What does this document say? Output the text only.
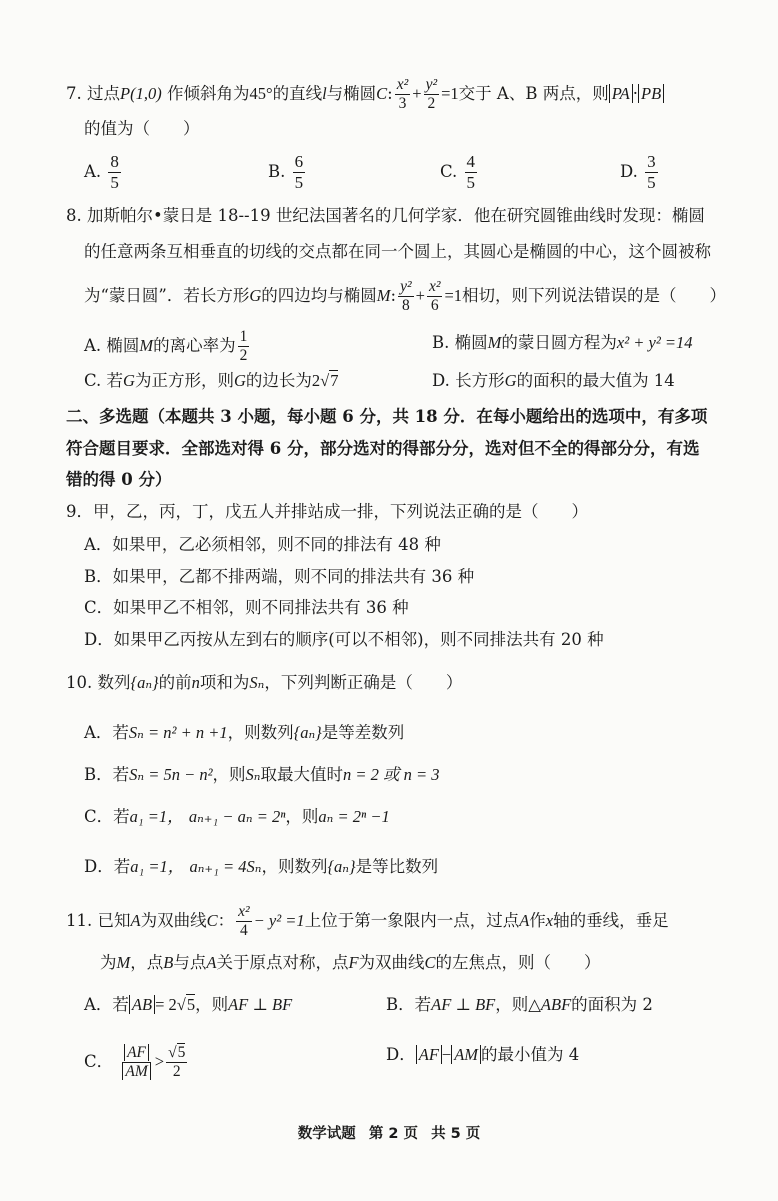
7. 过点P(1,0) 作倾斜角为45°的直线l与椭圆C: $\frac{\text{x²}}{3} + \frac{\text{y²}}{2} =1$交于 A、B 两点，则 PA · PB
的值为（　　）
A. $\frac{8}{5}$	B. $\frac{6}{5}$	C. $\frac{4}{5}$	D. $\frac{3}{5}$
8. 加斯帕尔•蒙日是 18--19 世纪法国著名的几何学家．他在研究圆锥曲线时发现：椭圆
的任意两条互相垂直的切线的交点都在同一个圆上，其圆心是椭圆的中心，这个圆被称
为“蒙日圆”．若长方形G的四边均与椭圆M: $\frac{\text{y²}}{8} + \frac{\text{x²}}{6} =1$相切，则下列说法错误的是（　　）
A. 椭圆M的离心率为 $\frac{1}{2}$	B. 椭圆M的蒙日圆方程为x² + y² =14
C. 若G为正方形，则G的边长为2√7	D. 长方形G的面积的最大值为 14
二、多选题（本题共 3 小题，每小题 6 分，共 18 分．在每小题给出的选项中，有多项
符合题目要求．全部选对得 6 分，部分选对的得部分分，选对但不全的得部分分，有选
错的得 0 分）
9．甲，乙，丙，丁，戊五人并排站成一排，下列说法正确的是（　　）
A．如果甲，乙必须相邻，则不同的排法有 48 种
B．如果甲，乙都不排两端，则不同的排法共有 36 种
C．如果甲乙不相邻，则不同排法共有 36 种
D．如果甲乙丙按从左到右的顺序(可以不相邻)，则不同排法共有 20 种
10. 数列{aₙ}的前n项和为Sₙ，下列判断正确是（　　）
A．若Sₙ = n² + n +1，则数列{aₙ}是等差数列
B．若Sₙ = 5n − n²，则Sₙ取最大值时n = 2 或 n = 3
C．若a₁ =1， aₙ₊₁ − aₙ = 2ⁿ，则aₙ = 2ⁿ −1
D．若a₁ =1， aₙ₊₁ = 4Sₙ，则数列{aₙ}是等比数列
11. 已知A为双曲线C： $\frac{\text{x²}}{4} - y^2 =1$上位于第一象限内一点，过点A作x轴的垂线，垂足
为M，点B与点A关于原点对称，点F为双曲线C的左焦点，则（　　）
A．若 AB = 2√5，则AF ⊥ BF	B．若AF ⊥ BF，则△ABF的面积为 2
C． $\frac{AF}{AM} > \frac{√5}{2}$	D． AF − AM 的最小值为 4
数学试题 第 2 页 共 5 页
